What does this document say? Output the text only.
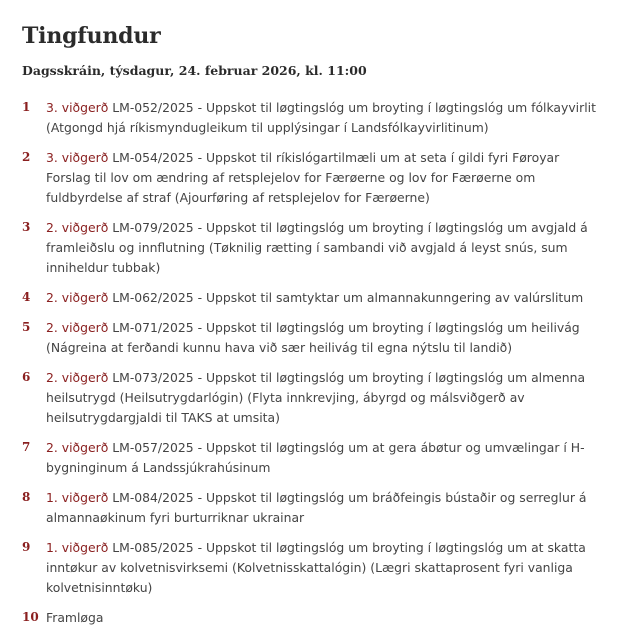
Tingfundur
Dagsskráin, týsdagur, 24. februar 2026, kl. 11:00
1	3. viðgerð LM-052/2025 - Uppskot til løgtingslóg um broyting í løgtingslóg um fólkayvirlit (Atgongd hjá ríkismyndugleikum til upplýsingar í Landsfólkayvirlitinum)
2	3. viðgerð LM-054/2025 - Uppskot til ríkislógartilmæli um at seta í gildi fyri Føroyar Forslag til lov om ændring af retsplejelov for Færøerne og lov for Færøerne om fuldbyrdelse af straf (Ajourføring af retsplejelov for Færøerne)
3	2. viðgerð LM-079/2025 - Uppskot til løgtingslóg um broyting í løgtingslóg um avgjald á framleiðslu og innflutning (Tøknilig rætting í sambandi við avgjald á leyst snús, sum inniheldur tubbak)
4	2. viðgerð LM-062/2025 - Uppskot til samtyktar um almannakunngering av valúrslitum
5	2. viðgerð LM-071/2025 - Uppskot til løgtingslóg um broyting í løgtingslóg um heilivág (Nágreina at ferðandi kunnu hava við sær heilivág til egna nýtslu til landið)
6	2. viðgerð LM-073/2025 - Uppskot til løgtingslóg um broyting í løgtingslóg um almenna heilsutrygd (Heilsutrygdarlógin) (Flyta innkrevjing, ábyrgd og málsviðgerð av heilsutrygdargjaldi til TAKS at umsita)
7	2. viðgerð LM-057/2025 - Uppskot til løgtingslóg um at gera ábøtur og umvælingar í H-bygninginum á Landssjúkrahúsinum
8	1. viðgerð LM-084/2025 - Uppskot til løgtingslóg um bráðfeingis bústaðir og serreglur á almannaøkinum fyri burturriknar ukrainar
9	1. viðgerð LM-085/2025 - Uppskot til løgtingslóg um broyting í løgtingslóg um at skatta inntøkur av kolvetnisvirksemi (Kolvetnisskattalógin) (Lægri skattaprosent fyri vanliga kolvetnisinntøku)
10 Framløga
